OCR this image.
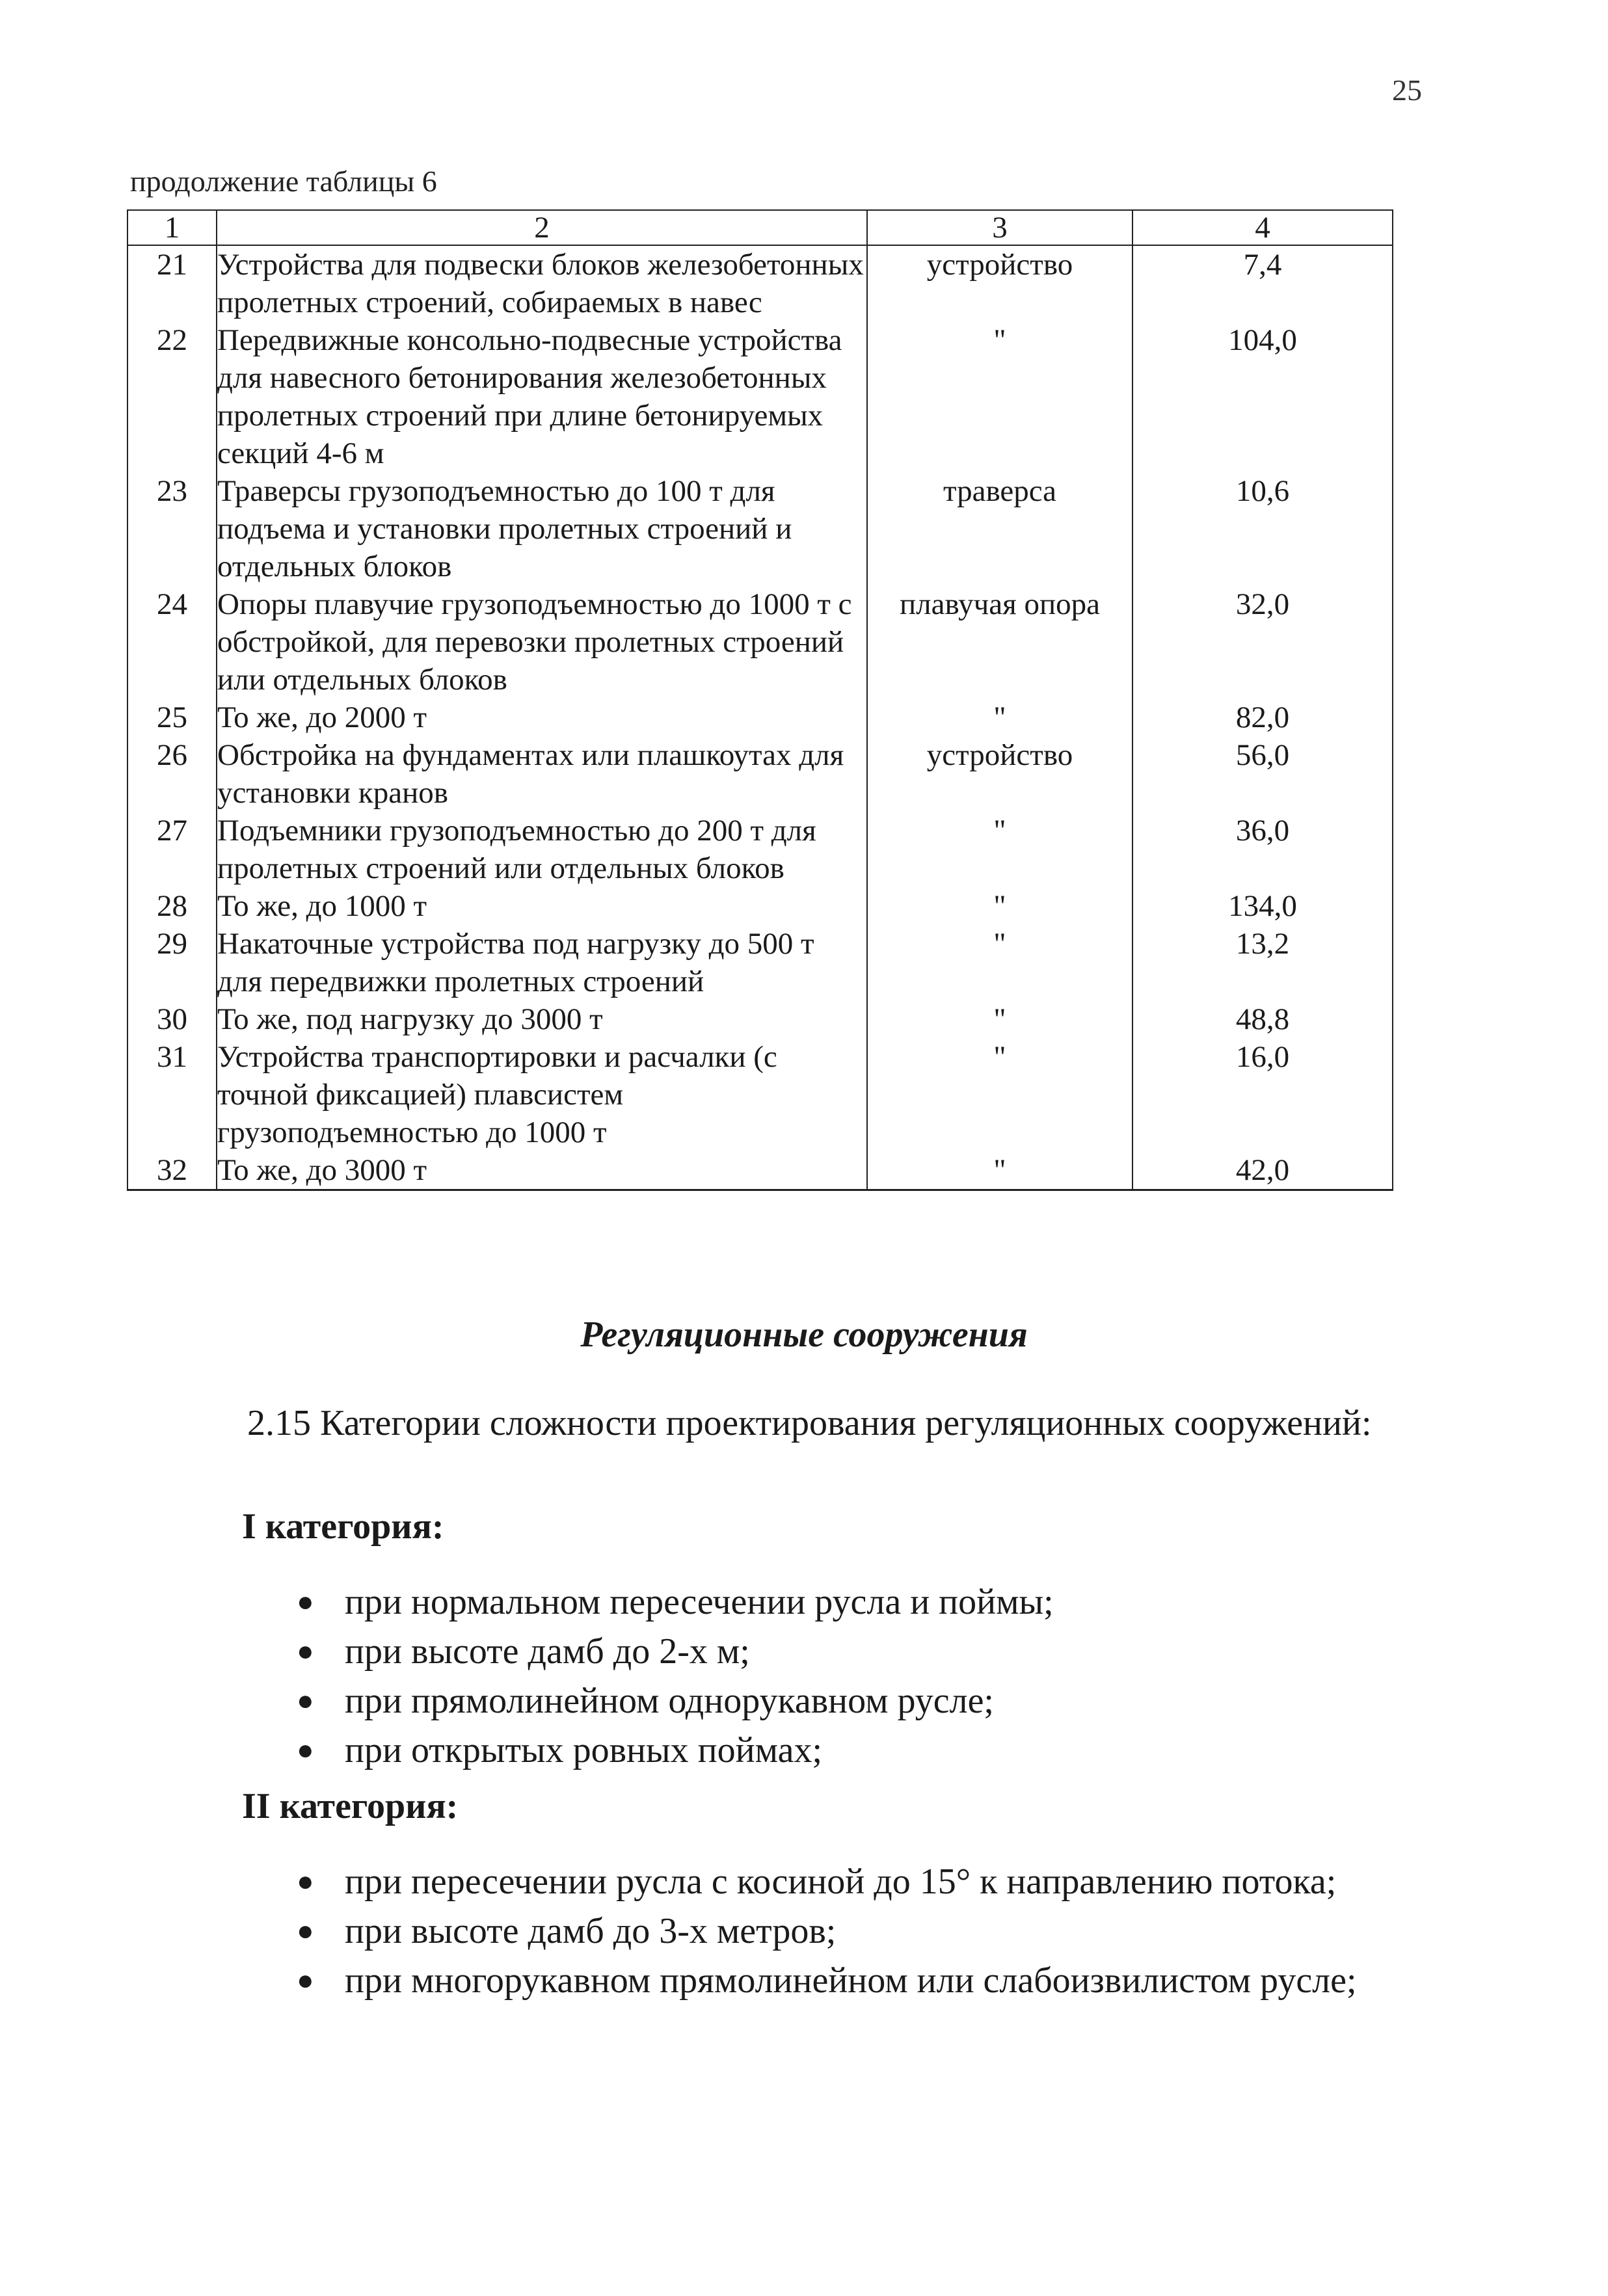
25
продолжение таблицы 6
1	2	3	4
21	Устройства для подвески блоков железобетонных пролетных строений, собираемых в навес	устройство	7,4
22	Передвижные консольно-подвесные устройства для навесного бетонирования железобетонных пролетных строений при длине бетонируемых секций 4-6 м	"	104,0
23	Траверсы грузоподъемностью до 100 т для подъема и установки пролетных строений и отдельных блоков	траверса	10,6
24	Опоры плавучие грузоподъемностью до 1000 т с обстройкой, для перевозки пролетных строений или отдельных блоков	плавучая опора	32,0
25	То же, до 2000 т	"	82,0
26	Обстройка на фундаментах или плашкоутах для установки кранов	устройство	56,0
27	Подъемники грузоподъемностью до 200 т для пролетных строений или отдельных блоков	"	36,0
28	То же, до 1000 т	"	134,0
29	Накаточные устройства под нагрузку до 500 т для передвижки пролетных строений	"	13,2
30	То же, под нагрузку до 3000 т	"	48,8
31	Устройства транспортировки и расчалки (с точной фиксацией) плавсистем грузоподъемностью до 1000 т	"	16,0
32	То же, до 3000 т	"	42,0
Регуляционные сооружения
2.15 Категории сложности проектирования регуляционных сооружений:
I категория:
● при нормальном пересечении русла и поймы;
● при высоте дамб до 2-х м;
● при прямолинейном однорукавном русле;
● при открытых ровных поймах;
II категория:
● при пересечении русла с косиной до 15° к направлению потока;
● при высоте дамб до 3-х метров;
● при многорукавном прямолинейном или слабоизвилистом русле;
